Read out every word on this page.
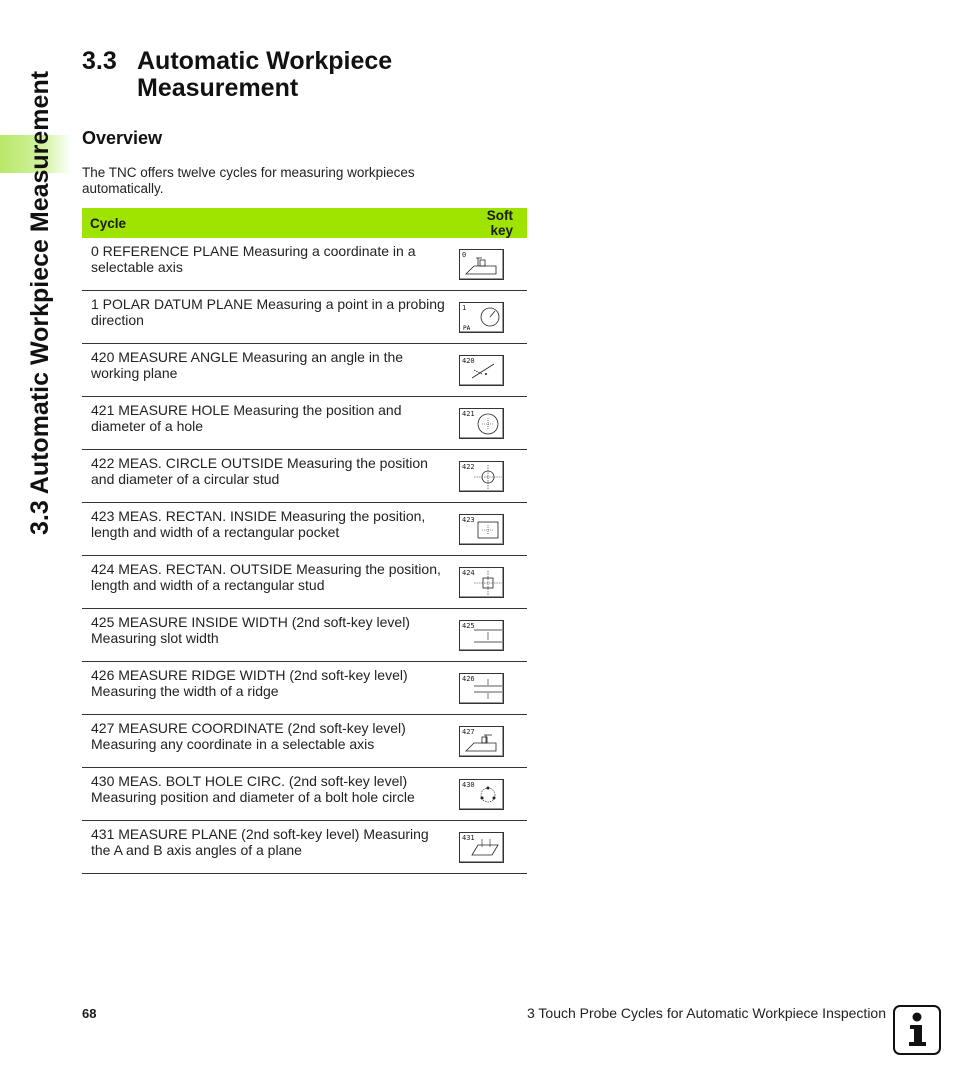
3.3 Automatic Workpiece Measurement
3.3 Automatic Workpiece
Measurement
Overview
The TNC offers twelve cycles for measuring workpieces automatically.
Cycle	Soft key
0 REFERENCE PLANE Measuring a coordinate in a selectable axis	0

1 POLAR DATUM PLANE Measuring a point in a probing direction	1
PA

420 MEASURE ANGLE Measuring an angle in the working plane	420

421 MEASURE HOLE Measuring the position and diameter of a hole	421

422 MEAS. CIRCLE OUTSIDE Measuring the position and diameter of a circular stud	422

423 MEAS. RECTAN. INSIDE Measuring the position, length and width of a rectangular pocket	423

424 MEAS. RECTAN. OUTSIDE Measuring the position, length and width of a rectangular stud	424

425 MEASURE INSIDE WIDTH (2nd soft-key level) Measuring slot width	425

426 MEASURE RIDGE WIDTH (2nd soft-key level) Measuring the width of a ridge	426

427 MEASURE COORDINATE (2nd soft-key level) Measuring any coordinate in a selectable axis	427

430 MEAS. BOLT HOLE CIRC. (2nd soft-key level) Measuring position and diameter of a bolt hole circle	430

431 MEASURE PLANE (2nd soft-key level) Measuring the A and B axis angles of a plane	431
68	3 Touch Probe Cycles for Automatic Workpiece Inspection
